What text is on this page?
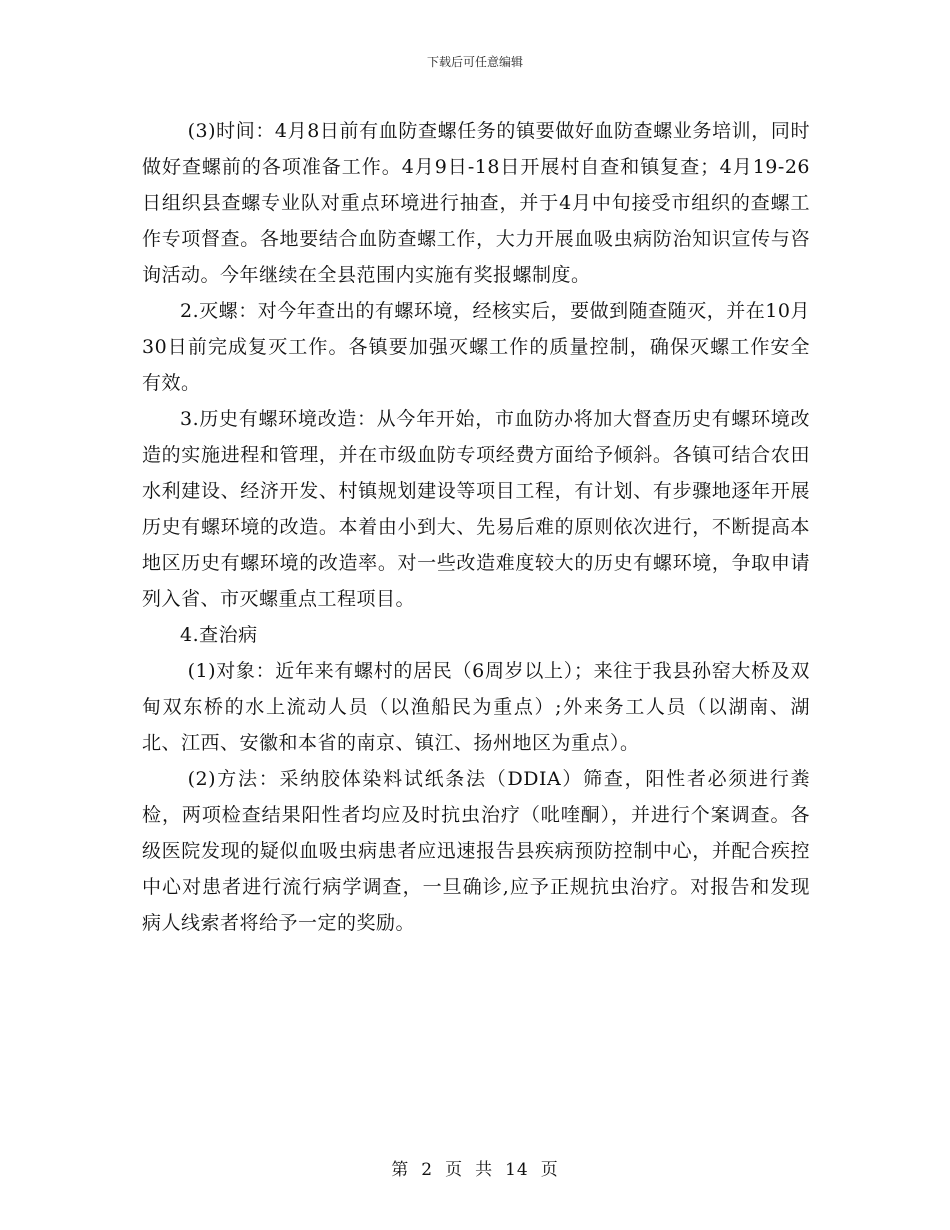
下载后可任意编辑

(3)时间：4月8日前有血防查螺任务的镇要做好血防查螺业务培训，同时做好查螺前的各项准备工作。4月9日-18日开展村自查和镇复查；4月19-26日组织县查螺专业队对重点环境进行抽查，并于4月中旬接受市组织的查螺工作专项督查。各地要结合血防查螺工作，大力开展血吸虫病防治知识宣传与咨询活动。今年继续在全县范围内实施有奖报螺制度。

2.灭螺：对今年查出的有螺环境，经核实后，要做到随查随灭，并在10月30日前完成复灭工作。各镇要加强灭螺工作的质量控制，确保灭螺工作安全有效。

3.历史有螺环境改造：从今年开始，市血防办将加大督查历史有螺环境改造的实施进程和管理，并在市级血防专项经费方面给予倾斜。各镇可结合农田水利建设、经济开发、村镇规划建设等项目工程，有计划、有步骤地逐年开展历史有螺环境的改造。本着由小到大、先易后难的原则依次进行，不断提高本地区历史有螺环境的改造率。对一些改造难度较大的历史有螺环境，争取申请列入省、市灭螺重点工程项目。

4.查治病

(1)对象：近年来有螺村的居民（6周岁以上）；来往于我县孙窑大桥及双甸双东桥的水上流动人员（以渔船民为重点）;外来务工人员（以湖南、湖北、江西、安徽和本省的南京、镇江、扬州地区为重点）。

(2)方法：采纳胶体染料试纸条法（DDIA）筛查，阳性者必须进行粪检，两项检查结果阳性者均应及时抗虫治疗（吡喹酮），并进行个案调查。各级医院发现的疑似血吸虫病患者应迅速报告县疾病预防控制中心，并配合疾控中心对患者进行流行病学调查，一旦确诊,应予正规抗虫治疗。对报告和发现病人线索者将给予一定的奖励。

第 2 页 共 14 页
